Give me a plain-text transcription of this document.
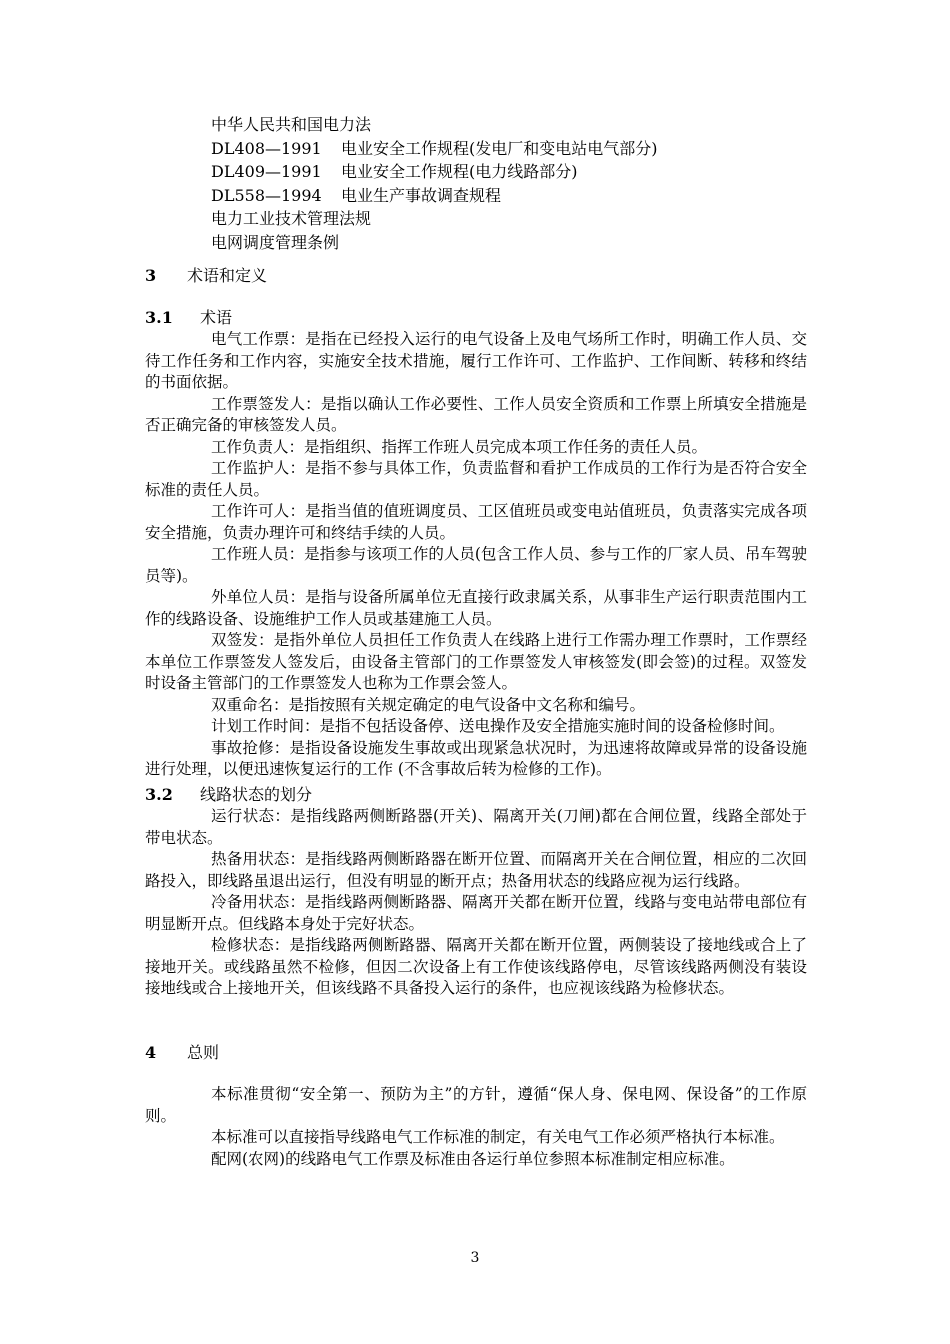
中华人民共和国电力法
DL408—1991 电业安全工作规程(发电厂和变电站电气部分)
DL409—1991 电业安全工作规程(电力线路部分)
DL558—1994 电业生产事故调查规程
电力工业技术管理法规
电网调度管理条例
3 术语和定义
3.1 术语

电气工作票：是指在已经投入运行的电气设备上及电气场所工作时，明确工作人员、交待工作任务和工作内容，实施安全技术措施，履行工作许可、工作监护、工作间断、转移和终结的书面依据。

工作票签发人：是指以确认工作必要性、工作人员安全资质和工作票上所填安全措施是否正确完备的审核签发人员。

工作负责人：是指组织、指挥工作班人员完成本项工作任务的责任人员。

工作监护人：是指不参与具体工作，负责监督和看护工作成员的工作行为是否符合安全标准的责任人员。

工作许可人：是指当值的值班调度员、工区值班员或变电站值班员，负责落实完成各项安全措施，负责办理许可和终结手续的人员。

工作班人员：是指参与该项工作的人员(包含工作人员、参与工作的厂家人员、吊车驾驶员等)。

外单位人员：是指与设备所属单位无直接行政隶属关系，从事非生产运行职责范围内工作的线路设备、设施维护工作人员或基建施工人员。

双签发：是指外单位人员担任工作负责人在线路上进行工作需办理工作票时，工作票经本单位工作票签发人签发后，由设备主管部门的工作票签发人审核签发(即会签)的过程。双签发时设备主管部门的工作票签发人也称为工作票会签人。

双重命名：是指按照有关规定确定的电气设备中文名称和编号。

计划工作时间：是指不包括设备停、送电操作及安全措施实施时间的设备检修时间。

事故抢修：是指设备设施发生事故或出现紧急状况时，为迅速将故障或异常的设备设施进行处理，以便迅速恢复运行的工作 (不含事故后转为检修的工作)。

3.2 线路状态的划分

运行状态：是指线路两侧断路器(开关)、隔离开关(刀闸)都在合闸位置，线路全部处于带电状态。

热备用状态：是指线路两侧断路器在断开位置、而隔离开关在合闸位置，相应的二次回路投入，即线路虽退出运行，但没有明显的断开点；热备用状态的线路应视为运行线路。

冷备用状态：是指线路两侧断路器、隔离开关都在断开位置，线路与变电站带电部位有明显断开点。但线路本身处于完好状态。

检修状态：是指线路两侧断路器、隔离开关都在断开位置，两侧装设了接地线或合上了接地开关。或线路虽然不检修，但因二次设备上有工作使该线路停电，尽管该线路两侧没有装设接地线或合上接地开关，但该线路不具备投入运行的条件，也应视该线路为检修状态。

4 总则

本标准贯彻“安全第一、预防为主”的方针，遵循“保人身、保电网、保设备”的工作原则。

本标准可以直接指导线路电气工作标准的制定，有关电气工作必须严格执行本标准。

配网(农网)的线路电气工作票及标准由各运行单位参照本标准制定相应标准。

3
